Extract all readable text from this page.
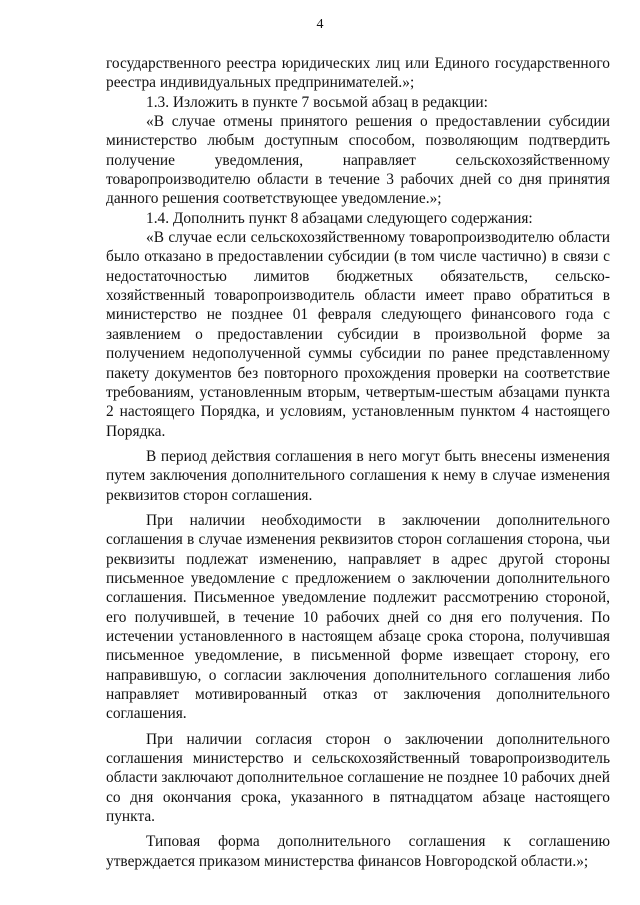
4

государственного реестра юридических лиц или Единого государственного реестра индивидуальных предпринимателей.»;

1.3. Изложить в пункте 7 восьмой абзац в редакции:

«В случае отмены принятого решения о предоставлении субсидии министерство любым доступным способом, позволяющим подтвердить получение уведомления, направляет сельскохозяйственному товаропроизводителю области в течение 3 рабочих дней со дня принятия данного решения соответствующее уведомление.»;

1.4. Дополнить пункт 8 абзацами следующего содержания:

«В случае если сельскохозяйственному товаропроизводителю области было отказано в предоставлении субсидии (в том числе частично) в связи с недостаточностью лимитов бюджетных обязательств, сельско-хозяйственный товаропроизводитель области имеет право обратиться в министерство не позднее 01 февраля следующего финансового года с заявлением о предоставлении субсидии в произвольной форме за получением недополученной суммы субсидии по ранее представленному пакету документов без повторного прохождения проверки на соответствие требованиям, установленным вторым, четвертым-шестым абзацами пункта 2 настоящего Порядка, и условиям, установленным пунктом 4 настоящего Порядка.

В период действия соглашения в него могут быть внесены изменения путем заключения дополнительного соглашения к нему в случае изменения реквизитов сторон соглашения.

При наличии необходимости в заключении дополнительного соглашения в случае изменения реквизитов сторон соглашения сторона, чьи реквизиты подлежат изменению, направляет в адрес другой стороны письменное уведомление с предложением о заключении дополнительного соглашения. Письменное уведомление подлежит рассмотрению стороной, его получившей, в течение 10 рабочих дней со дня его получения. По истечении установленного в настоящем абзаце срока сторона, получившая письменное уведомление, в письменной форме извещает сторону, его направившую, о согласии заключения дополнительного соглашения либо направляет мотивированный отказ от заключения дополнительного соглашения.

При наличии согласия сторон о заключении дополнительного соглашения министерство и сельскохозяйственный товаропроизводитель области заключают дополнительное соглашение не позднее 10 рабочих дней со дня окончания срока, указанного в пятнадцатом абзаце настоящего пункта.

Типовая форма дополнительного соглашения к соглашению утверждается приказом министерства финансов Новгородской области.»;
